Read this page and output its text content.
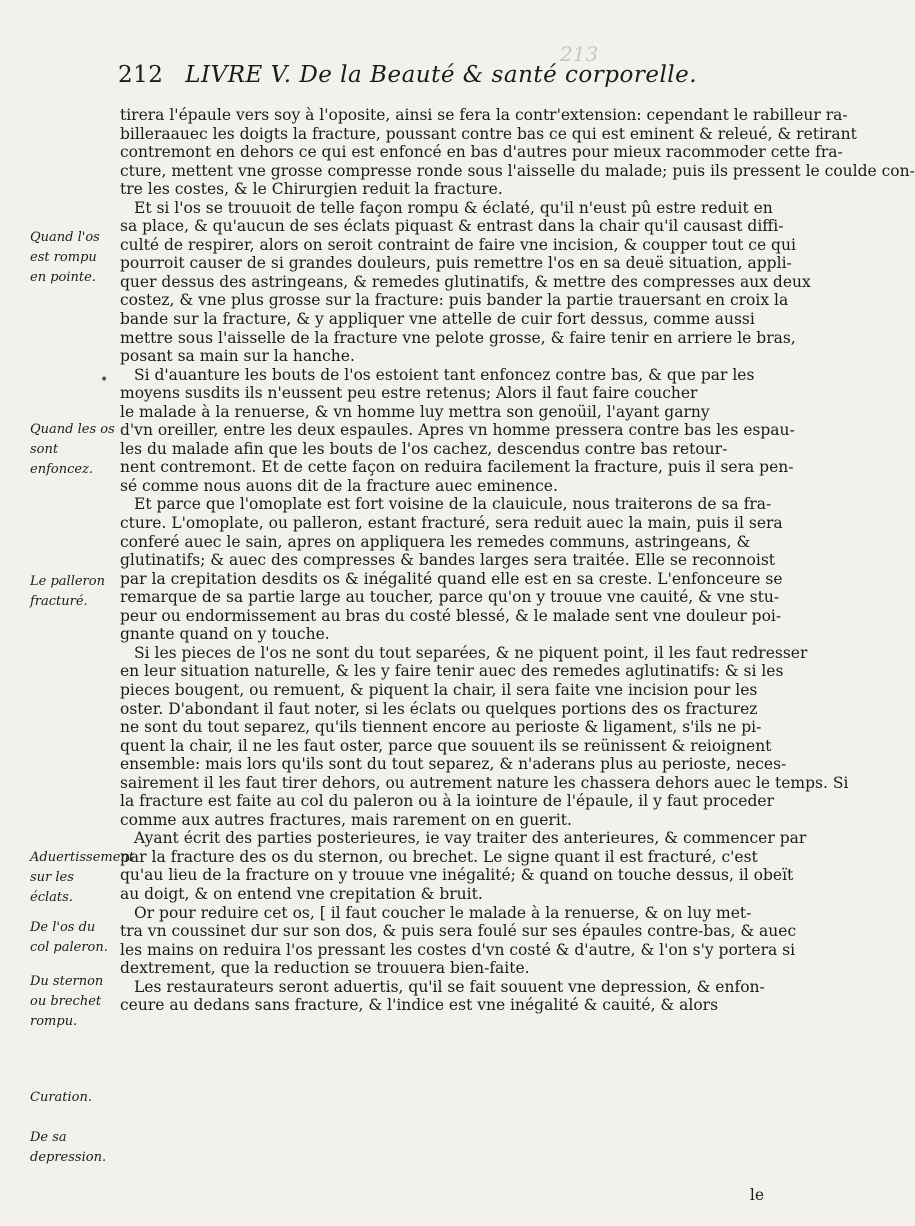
213
212 LIVRE V. De la Beauté & santé corporelle.
•
Quand l'os est rompu en pointe.
Quand les os sont enfoncez.
Le palleron fracturé.
Aduertissement sur les éclats.
De l'os du col paleron.
Du sternon ou brechet rompu.
Curation.
De sa depression.
tirera l'épaule vers soy à l'oposite, ainsi se fera la contr'extension: cependant le rabilleur ra-
billeraauec les doigts la fracture, poussant contre bas ce qui est eminent & releué, & retirant
contremont en dehors ce qui est enfoncé en bas d'autres pour mieux racommoder cette fra-
cture, mettent vne grosse compresse ronde sous l'aisselle du malade; puis ils pressent le coulde con-
tre les costes, & le Chirurgien reduit la fracture.
Et si l'os se trouuoit de telle façon rompu & éclaté, qu'il n'eust pû estre reduit en
sa place, & qu'aucun de ses éclats piquast & entrast dans la chair qu'il causast diffi-
culté de respirer, alors on seroit contraint de faire vne incision, & coupper tout ce qui
pourroit causer de si grandes douleurs, puis remettre l'os en sa deuë situation, appli-
quer dessus des astringeans, & remedes glutinatifs, & mettre des compresses aux deux
costez, & vne plus grosse sur la fracture: puis bander la partie trauersant en croix la
bande sur la fracture, & y appliquer vne attelle de cuir fort dessus, comme aussi
mettre sous l'aisselle de la fracture vne pelote grosse, & faire tenir en arriere le bras,
posant sa main sur la hanche.
Si d'auanture les bouts de l'os estoient tant enfoncez contre bas, & que par les
moyens susdits ils n'eussent peu estre retenus; Alors il faut faire coucher
le malade à la renuerse, & vn homme luy mettra son genoüil, l'ayant garny
d'vn oreiller, entre les deux espaules. Apres vn homme pressera contre bas les espau-
les du malade afin que les bouts de l'os cachez, descendus contre bas retour-
nent contremont. Et de cette façon on reduira facilement la fracture, puis il sera pen-
sé comme nous auons dit de la fracture auec eminence.
Et parce que l'omoplate est fort voisine de la clauicule, nous traiterons de sa fra-
cture. L'omoplate, ou palleron, estant fracturé, sera reduit auec la main, puis il sera
conferé auec le sain, apres on appliquera les remedes communs, astringeans, &
glutinatifs; & auec des compresses & bandes larges sera traitée. Elle se reconnoist
par la crepitation desdits os & inégalité quand elle est en sa creste. L'enfonceure se
remarque de sa partie large au toucher, parce qu'on y trouue vne cauité, & vne stu-
peur ou endormissement au bras du costé blessé, & le malade sent vne douleur poi-
gnante quand on y touche.
Si les pieces de l'os ne sont du tout separées, & ne piquent point, il les faut redresser
en leur situation naturelle, & les y faire tenir auec des remedes aglutinatifs: & si les
pieces bougent, ou remuent, & piquent la chair, il sera faite vne incision pour les
oster. D'abondant il faut noter, si les éclats ou quelques portions des os fracturez
ne sont du tout separez, qu'ils tiennent encore au perioste & ligament, s'ils ne pi-
quent la chair, il ne les faut oster, parce que souuent ils se reünissent & reioignent
ensemble: mais lors qu'ils sont du tout separez, & n'aderans plus au perioste, neces-
sairement il les faut tirer dehors, ou autrement nature les chassera dehors auec le temps. Si
la fracture est faite au col du paleron ou à la iointure de l'épaule, il y faut proceder
comme aux autres fractures, mais rarement on en guerit.
Ayant écrit des parties posterieures, ie vay traiter des anterieures, & commencer par
par la fracture des os du sternon, ou brechet. Le signe quant il est fracturé, c'est
qu'au lieu de la fracture on y trouue vne inégalité; & quand on touche dessus, il obeït
au doigt, & on entend vne crepitation & bruit.
Or pour reduire cet os, [ il faut coucher le malade à la renuerse, & on luy met-
tra vn coussinet dur sur son dos, & puis sera foulé sur ses épaules contre-bas, & auec
les mains on reduira l'os pressant les costes d'vn costé & d'autre, & l'on s'y portera si
dextrement, que la reduction se trouuera bien-faite.
Les restaurateurs seront aduertis, qu'il se fait souuent vne depression, & enfon-
ceure au dedans sans fracture, & l'indice est vne inégalité & cauité, & alors
le
